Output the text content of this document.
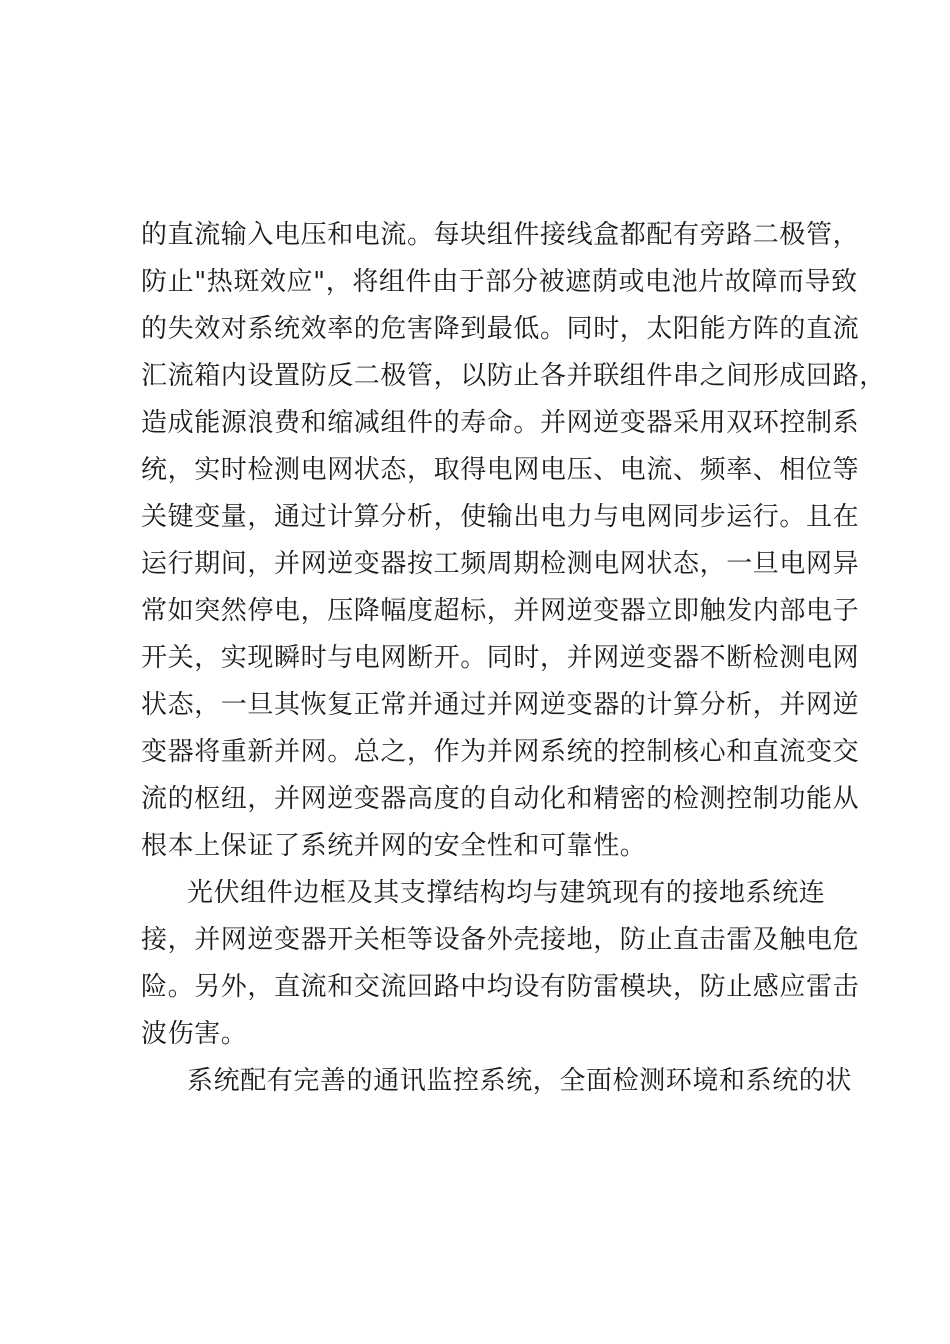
的直流输入电压和电流。每块组件接线盒都配有旁路二极管，
防止"热斑效应"，将组件由于部分被遮荫或电池片故障而导致
的失效对系统效率的危害降到最低。同时，太阳能方阵的直流
汇流箱内设置防反二极管，以防止各并联组件串之间形成回路，
造成能源浪费和缩减组件的寿命。并网逆变器采用双环控制系
统，实时检测电网状态，取得电网电压、电流、频率、相位等
关键变量，通过计算分析，使输出电力与电网同步运行。且在
运行期间，并网逆变器按工频周期检测电网状态，一旦电网异
常如突然停电，压降幅度超标，并网逆变器立即触发内部电子
开关，实现瞬时与电网断开。同时，并网逆变器不断检测电网
状态，一旦其恢复正常并通过并网逆变器的计算分析，并网逆
变器将重新并网。总之，作为并网系统的控制核心和直流变交
流的枢纽，并网逆变器高度的自动化和精密的检测控制功能从
根本上保证了系统并网的安全性和可靠性。
光伏组件边框及其支撑结构均与建筑现有的接地系统连
接，并网逆变器开关柜等设备外壳接地，防止直击雷及触电危
险。另外，直流和交流回路中均设有防雷模块，防止感应雷击
波伤害。
系统配有完善的通讯监控系统，全面检测环境和系统的状
